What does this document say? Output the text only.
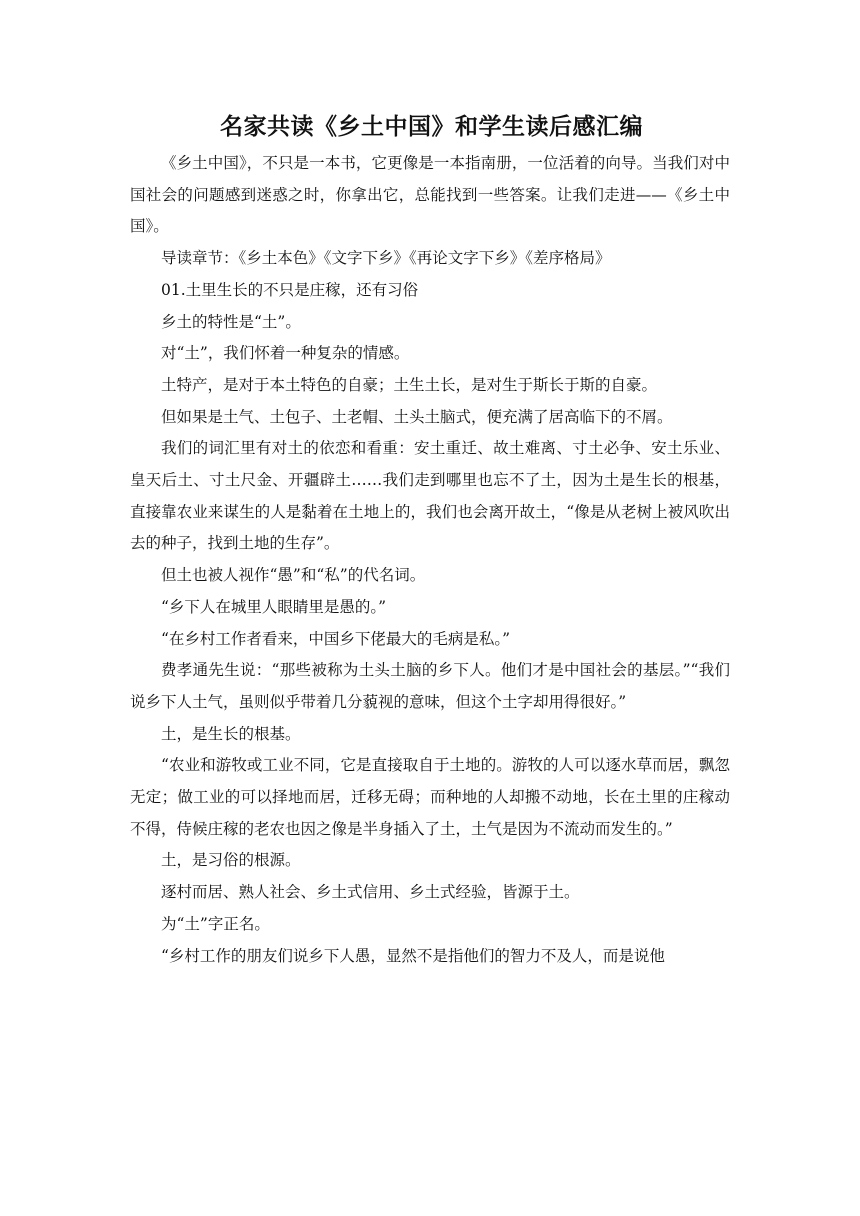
名家共读《乡土中国》和学生读后感汇编

《乡土中国》，不只是一本书，它更像是一本指南册，一位活着的向导。当我们对中国社会的问题感到迷惑之时，你拿出它，总能找到一些答案。让我们走进——《乡土中国》。

导读章节：《乡土本色》《文字下乡》《再论文字下乡》《差序格局》

01.土里生长的不只是庄稼，还有习俗

乡土的特性是“土”。

对“土”，我们怀着一种复杂的情感。

土特产，是对于本土特色的自豪；土生土长，是对生于斯长于斯的自豪。

但如果是土气、土包子、土老帽、土头土脑式，便充满了居高临下的不屑。

我们的词汇里有对土的依恋和看重：安土重迁、故土难离、寸土必争、安土乐业、皇天后土、寸土尺金、开疆辟土……我们走到哪里也忘不了土，因为土是生长的根基，直接靠农业来谋生的人是黏着在土地上的，我们也会离开故土，“像是从老树上被风吹出去的种子，找到土地的生存”。

但土也被人视作“愚”和“私”的代名词。

“乡下人在城里人眼睛里是愚的。”

“在乡村工作者看来，中国乡下佬最大的毛病是私。”

费孝通先生说：“那些被称为土头土脑的乡下人。他们才是中国社会的基层。”“我们说乡下人土气，虽则似乎带着几分藐视的意味，但这个土字却用得很好。”

土，是生长的根基。

“农业和游牧或工业不同，它是直接取自于土地的。游牧的人可以逐水草而居，飘忽无定；做工业的可以择地而居，迁移无碍；而种地的人却搬不动地，长在土里的庄稼动不得，侍候庄稼的老农也因之像是半身插入了土，土气是因为不流动而发生的。”

土，是习俗的根源。

逐村而居、熟人社会、乡土式信用、乡土式经验，皆源于土。

为“土”字正名。

“乡村工作的朋友们说乡下人愚，显然不是指他们的智力不及人，而是说他
